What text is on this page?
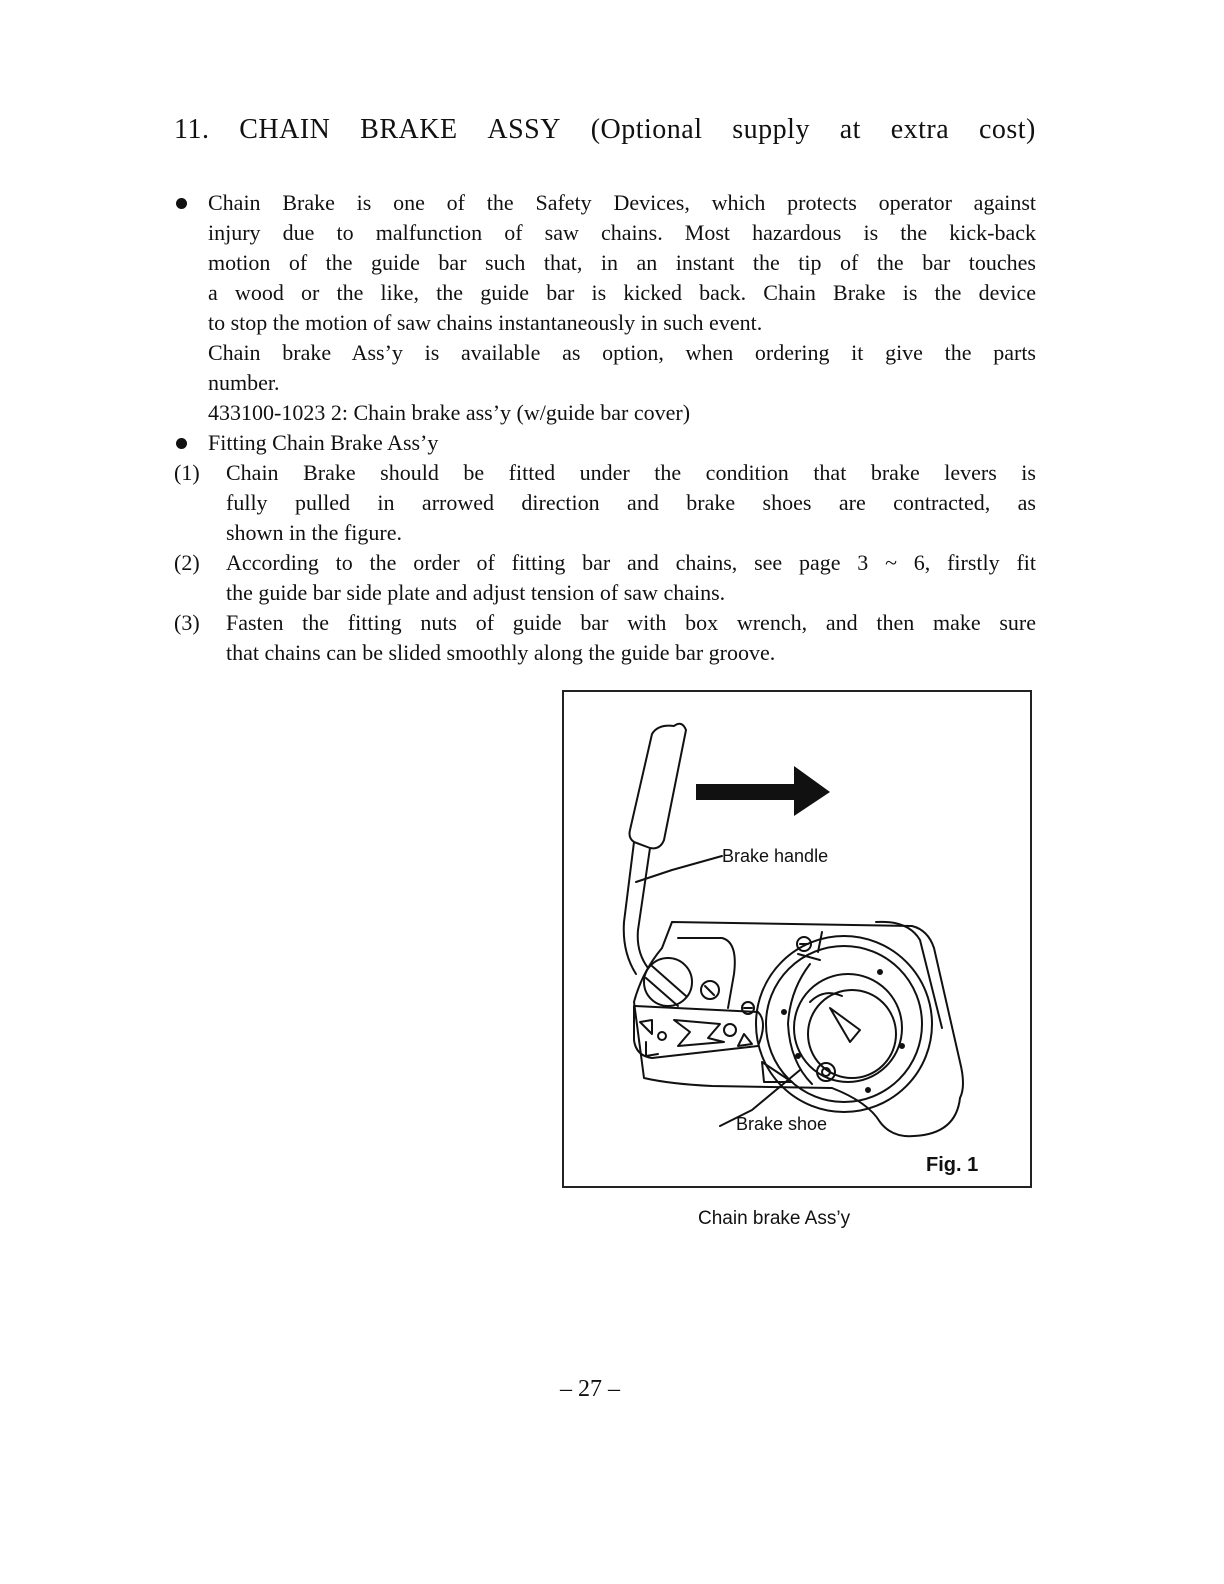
11. CHAIN BRAKE ASSY (Optional supply at extra cost)
Chain Brake is one of the Safety Devices, which protects operator against
injury due to malfunction of saw chains. Most hazardous is the kick-back
motion of the guide bar such that, in an instant the tip of the bar touches
a wood or the like, the guide bar is kicked back. Chain Brake is the device
to stop the motion of saw chains instantaneously in such event.
Chain brake Ass’y is available as option, when ordering it give the parts
number.
433100-1023 2: Chain brake ass’y (w/guide bar cover)
Fitting Chain Brake Ass’y
(1) Chain Brake should be fitted under the condition that brake levers is
fully pulled in arrowed direction and brake shoes are contracted, as
shown in the figure.
(2) According to the order of fitting bar and chains, see page 3 ~ 6, firstly fit
the guide bar side plate and adjust tension of saw chains.
(3) Fasten the fitting nuts of guide bar with box wrench, and then make sure
that chains can be slided smoothly along the guide bar groove.
Brake handle
Brake shoe
Fig. 1
Chain brake Ass’y
– 27 –
